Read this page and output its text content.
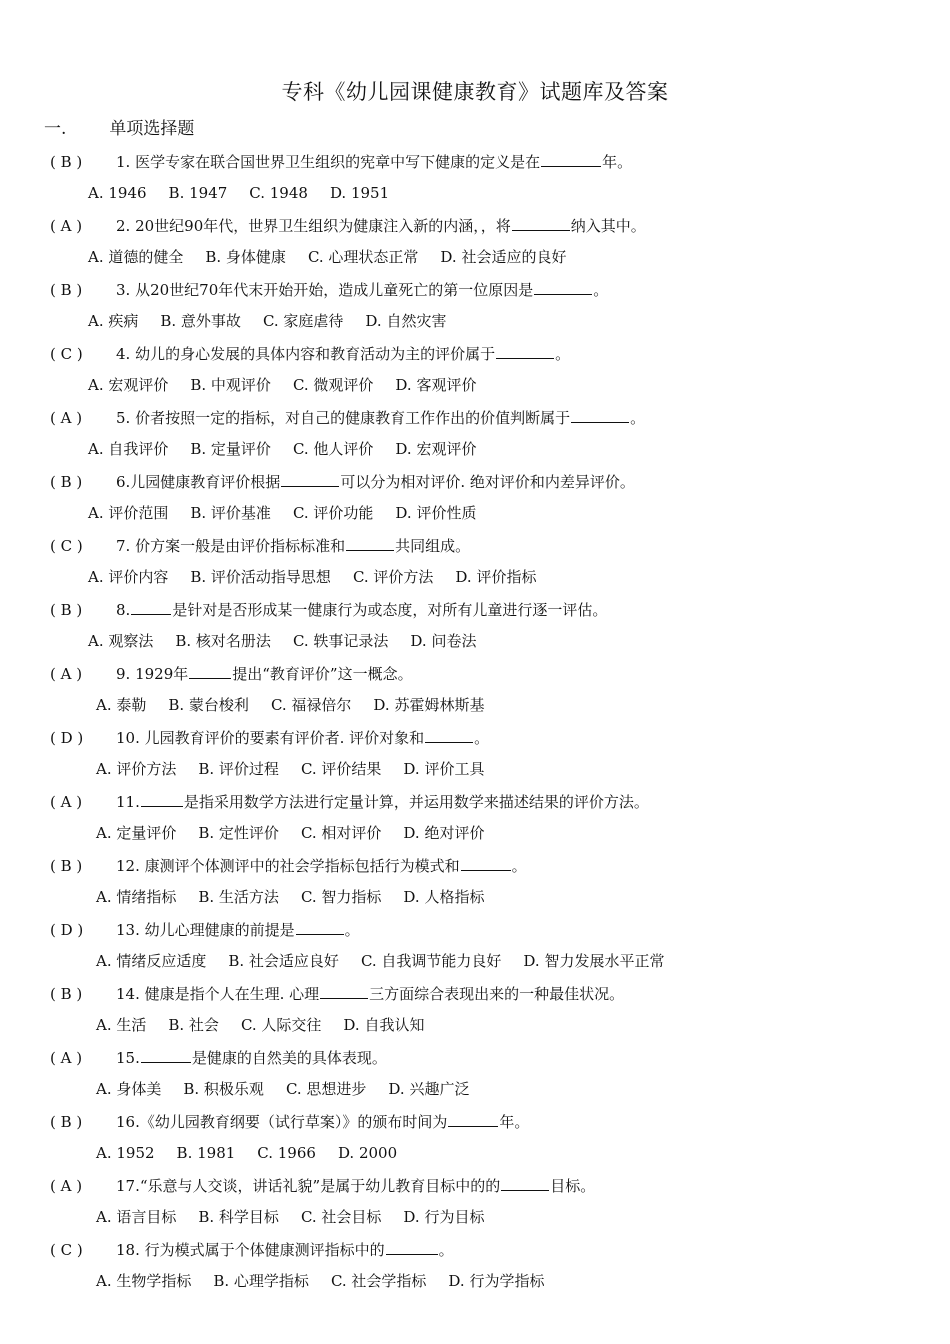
专科《幼儿园课健康教育》试题库及答案
一.	单项选择题
( B ) 1. 医学专家在联合国世界卫生组织的宪章中写下健康的定义是在	年。
A. 1946 B. 1947 C. 1948 D. 1951
( A ) 2. 20世纪90年代，世界卫生组织为健康注入新的内涵，，将	纳入其中。
A. 道德的健全 B. 身体健康 C. 心理状态正常 D. 社会适应的良好
( B ) 3. 从20世纪70年代末开始开始，造成儿童死亡的第一位原因是	。
A. 疾病 B. 意外事故 C. 家庭虐待 D. 自然灾害
( C ) 4. 幼儿的身心发展的具体内容和教育活动为主的评价属于	。
A. 宏观评价 B. 中观评价 C. 微观评价 D. 客观评价
( A ) 5. 价者按照一定的指标，对自己的健康教育工作作出的价值判断属于	。
A. 自我评价 B. 定量评价 C. 他人评价 D. 宏观评价
( B ) 6.儿园健康教育评价根据	可以分为相对评价. 绝对评价和内差异评价。
A. 评价范围 B. 评价基准 C. 评价功能 D. 评价性质
( C ) 7. 价方案一般是由评价指标标准和	共同组成。
A. 评价内容 B. 评价活动指导思想 C. 评价方法 D. 评价指标
( B ) 8.	是针对是否形成某一健康行为或态度，对所有儿童进行逐一评估。
A. 观察法 B. 核对名册法 C. 轶事记录法 D. 问卷法
( A ) 9. 1929年	提出“教育评价”这一概念。
A. 泰勒 B. 蒙台梭利 C. 福禄倍尔 D. 苏霍姆林斯基
( D ) 10. 儿园教育评价的要素有评价者. 评价对象和	。
A. 评价方法 B. 评价过程 C. 评价结果 D. 评价工具
( A ) 11.	是指采用数学方法进行定量计算，并运用数学来描述结果的评价方法。
A. 定量评价 B. 定性评价 C. 相对评价 D. 绝对评价
( B ) 12. 康测评个体测评中的社会学指标包括行为模式和	。
A. 情绪指标 B. 生活方法 C. 智力指标 D. 人格指标
( D ) 13. 幼儿心理健康的前提是	。
A. 情绪反应适度 B. 社会适应良好 C. 自我调节能力良好 D. 智力发展水平正常
( B ) 14. 健康是指个人在生理. 心理	三方面综合表现出来的一种最佳状况。
A. 生活 B. 社会 C. 人际交往 D. 自我认知
( A ) 15.	是健康的自然美的具体表现。
A. 身体美 B. 积极乐观 C. 思想进步 D. 兴趣广泛
( B ) 16.《幼儿园教育纲要（试行草案）》的颁布时间为	年。
A. 1952 B. 1981 C. 1966 D. 2000
( A ) 17.“乐意与人交谈，讲话礼貌”是属于幼儿教育目标中的的	目标。
A. 语言目标 B. 科学目标 C. 社会目标 D. 行为目标
( C ) 18. 行为模式属于个体健康测评指标中的	。
A. 生物学指标 B. 心理学指标 C. 社会学指标 D. 行为学指标
